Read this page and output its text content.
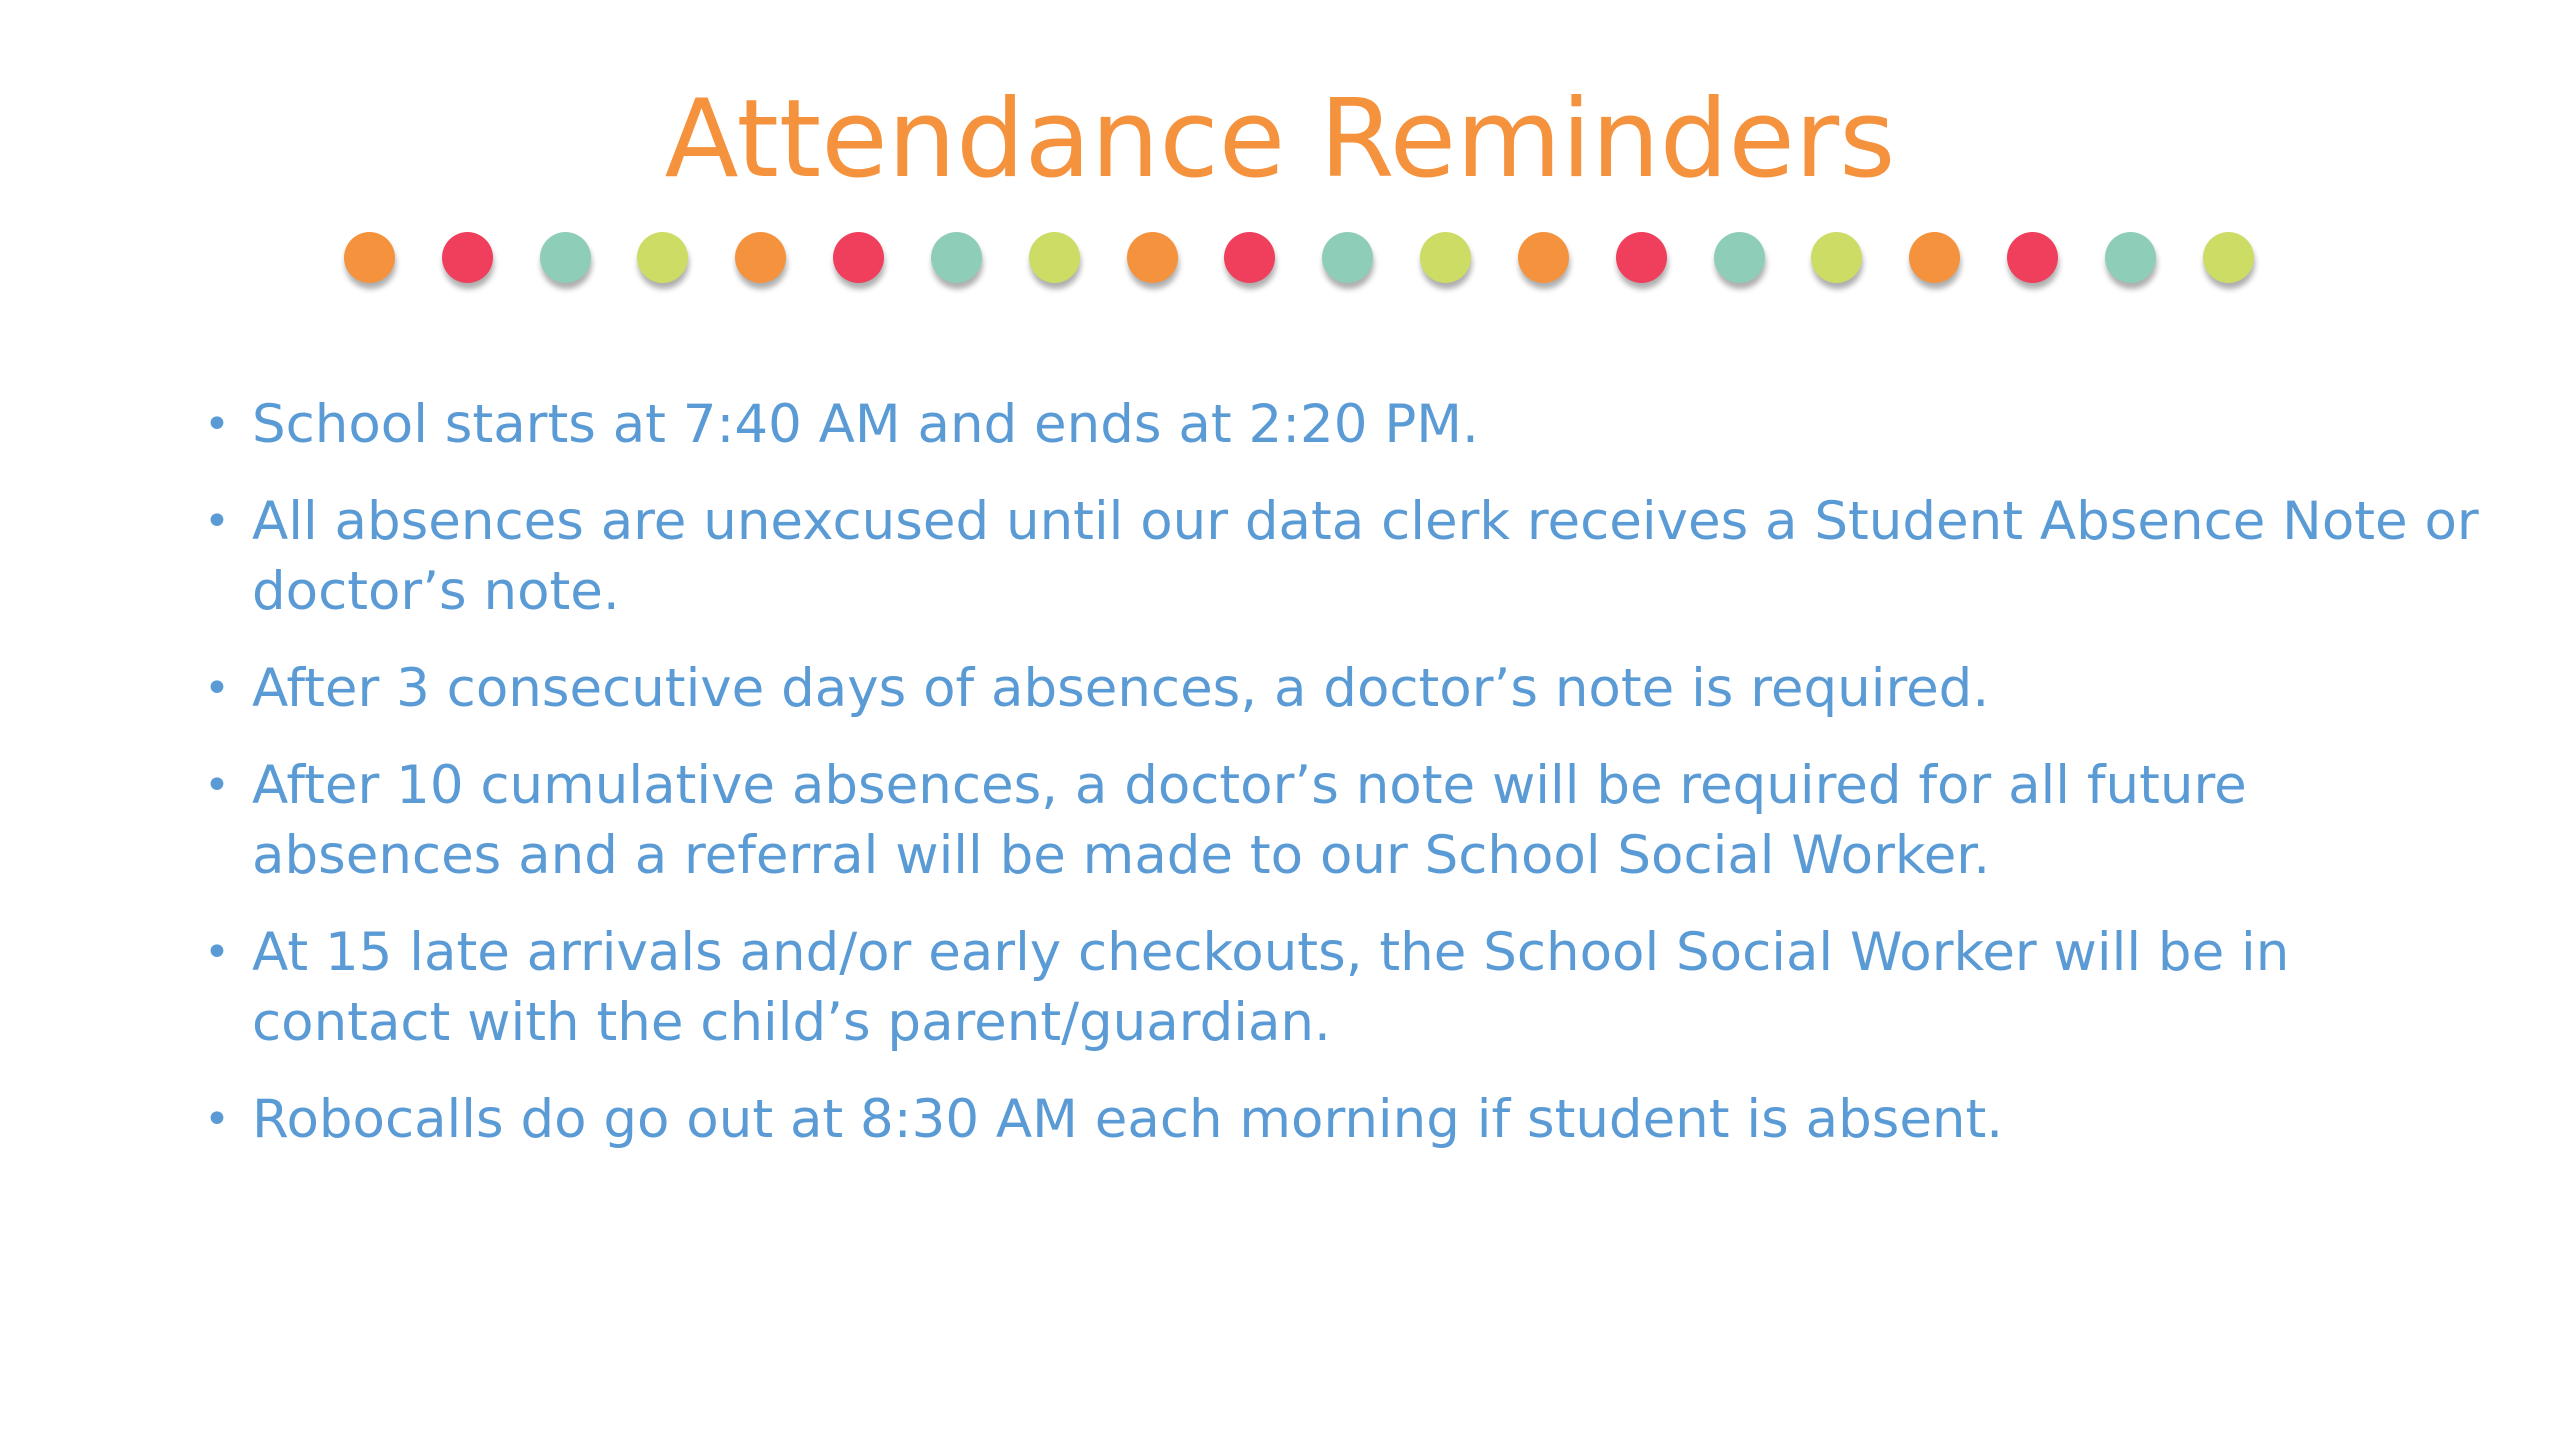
Attendance Reminders
• School starts at 7:40 AM and ends at 2:20 PM.
• All absences are unexcused until our data clerk receives a Student Absence Note or doctor’s note.
• After 3 consecutive days of absences, a doctor’s note is required.
• After 10 cumulative absences, a doctor’s note will be required for all future absences and a referral will be made to our School Social Worker.
• At 15 late arrivals and/or early checkouts, the School Social Worker will be in contact with the child’s parent/guardian.
• Robocalls do go out at 8:30 AM each morning if student is absent.
